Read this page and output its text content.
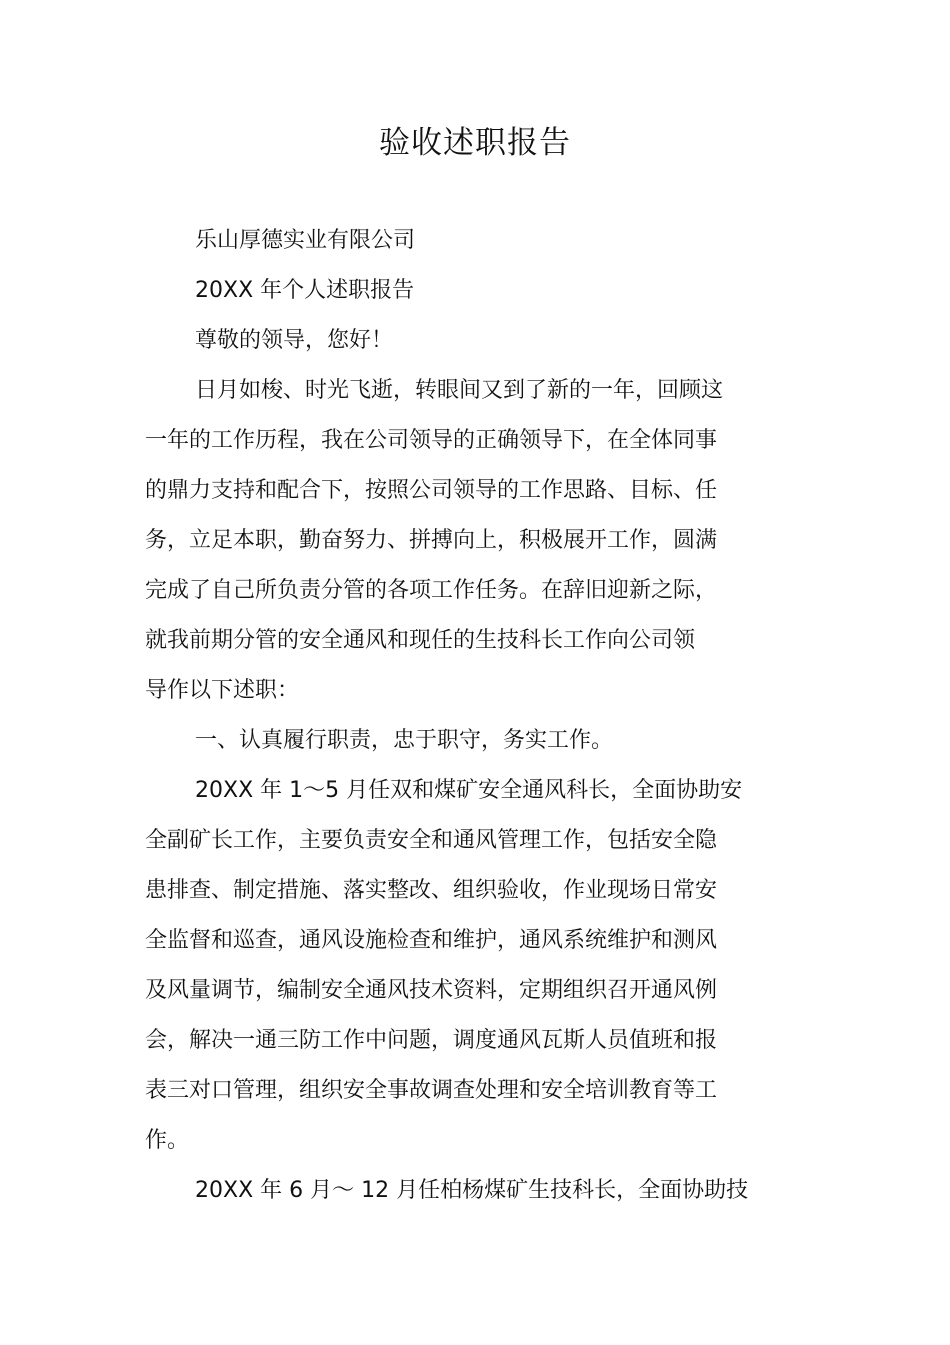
验收述职报告
乐山厚德实业有限公司
20XX 年个人述职报告
尊敬的领导，您好！
日月如梭、时光飞逝，转眼间又到了新的一年，回顾这
一年的工作历程，我在公司领导的正确领导下，在全体同事
的鼎力支持和配合下，按照公司领导的工作思路、目标、任
务，立足本职，勤奋努力、拼搏向上，积极展开工作，圆满
完成了自己所负责分管的各项工作任务。在辞旧迎新之际，
就我前期分管的安全通风和现任的生技科长工作向公司领
导作以下述职：
一、认真履行职责，忠于职守，务实工作。
20XX 年 1～5 月任双和煤矿安全通风科长，全面协助安
全副矿长工作，主要负责安全和通风管理工作，包括安全隐
患排查、制定措施、落实整改、组织验收，作业现场日常安
全监督和巡查，通风设施检查和维护，通风系统维护和测风
及风量调节，编制安全通风技术资料，定期组织召开通风例
会，解决一通三防工作中问题，调度通风瓦斯人员值班和报
表三对口管理，组织安全事故调查处理和安全培训教育等工
作。
20XX 年 6 月～ 12 月任柏杨煤矿生技科长，全面协助技
